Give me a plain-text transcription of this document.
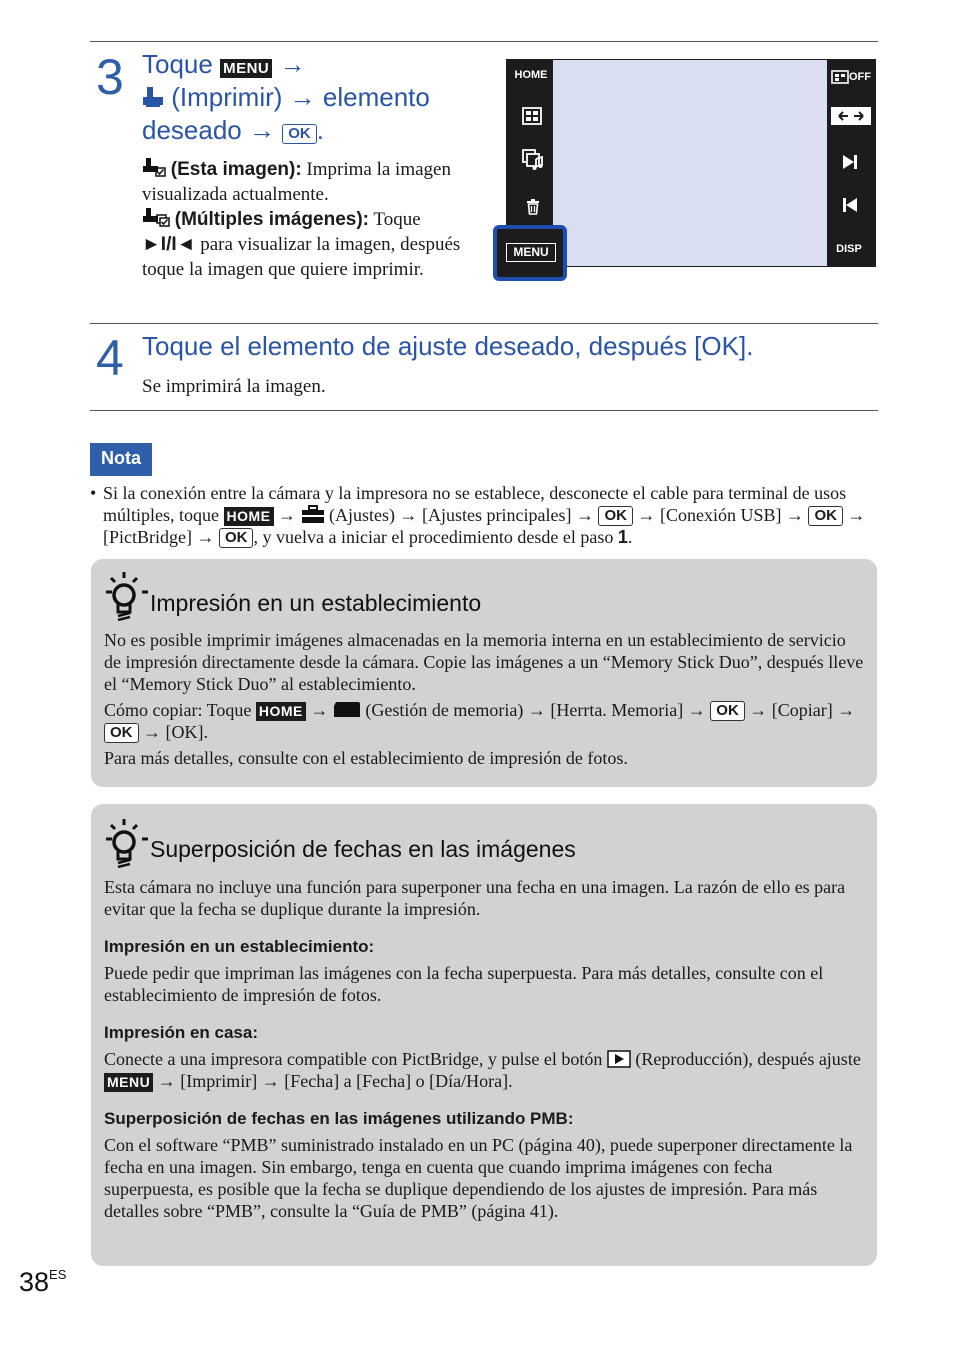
3 Toque MENU →
(Imprimir) → elemento
deseado → OK .
(Esta imagen): Imprima la imagen visualizada actualmente.
(Múltiples imágenes): Toque ►I/I◄ para visualizar la imagen, después toque la imagen que quiere imprimir.
HOME	OFF
DISP
MENU
4 Toque el elemento de ajuste deseado, después [OK].
Se imprimirá la imagen.
Nota
• Si la conexión entre la cámara y la impresora no se establece, desconecte el cable para terminal de usos múltiples, toque HOME → (Ajustes) → [Ajustes principales] → OK → [Conexión USB] → OK → [PictBridge] → OK , y vuelva a iniciar el procedimiento desde el paso 1.
Impresión en un establecimiento
No es posible imprimir imágenes almacenadas en la memoria interna en un establecimiento de servicio de impresión directamente desde la cámara. Copie las imágenes a un “Memory Stick Duo”, después lleve el “Memory Stick Duo” al establecimiento.
Cómo copiar: Toque HOME → (Gestión de memoria) → [Herrta. Memoria] → OK → [Copiar] → OK → [OK].
Para más detalles, consulte con el establecimiento de impresión de fotos.
Superposición de fechas en las imágenes
Esta cámara no incluye una función para superponer una fecha en una imagen. La razón de ello es para evitar que la fecha se duplique durante la impresión.
Impresión en un establecimiento:
Puede pedir que impriman las imágenes con la fecha superpuesta. Para más detalles, consulte con el establecimiento de impresión de fotos.
Impresión en casa:
Conecte a una impresora compatible con PictBridge, y pulse el botón (Reproducción), después ajuste MENU → [Imprimir] → [Fecha] a [Fecha] o [Día/Hora].
Superposición de fechas en las imágenes utilizando PMB:
Con el software “PMB” suministrado instalado en un PC (página 40), puede superponer directamente la fecha en una imagen. Sin embargo, tenga en cuenta que cuando imprima imágenes con fecha superpuesta, es posible que la fecha se duplique dependiendo de los ajustes de impresión. Para más detalles sobre “PMB”, consulte la “Guía de PMB” (página 41).
$38^{ES}$
